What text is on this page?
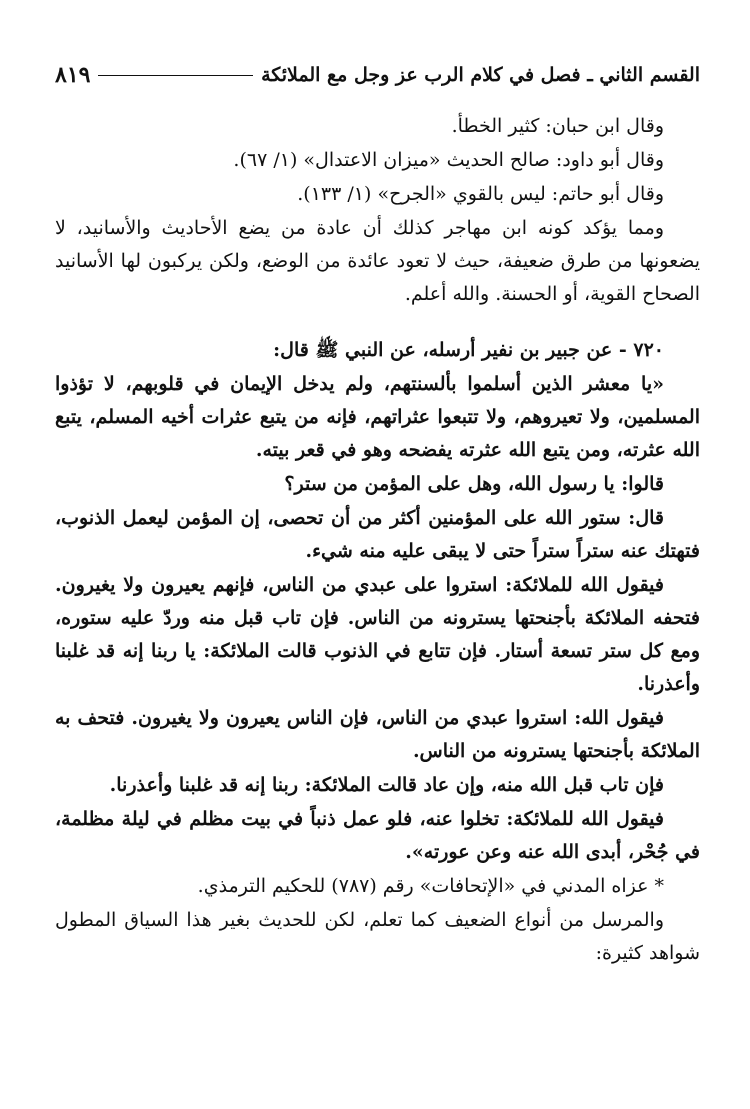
القسم الثاني ـ فصل في كلام الرب عز وجل مع الملائكة
٨١٩

وقال ابن حبان: كثير الخطأ.

وقال أبو داود: صالح الحديث «ميزان الاعتدال» (١/ ٦٧).

وقال أبو حاتم: ليس بالقوي «الجرح» (١/ ١٣٣).

ومما يؤكد كونه ابن مهاجر كذلك أن عادة من يضع الأحاديث والأسانيد، لا يضعونها من طرق ضعيفة، حيث لا تعود عائدة من الوضع، ولكن يركبون لها الأسانيد الصحاح القوية، أو الحسنة. والله أعلم.

٧٢٠ - عن جبير بن نفير أرسله، عن النبي ﷺ قال:

«يا معشر الذين أسلموا بألسنتهم، ولم يدخل الإيمان في قلوبهم، لا تؤذوا المسلمين، ولا تعيروهم، ولا تتبعوا عثراتهم، فإنه من يتبع عثرات أخيه المسلم، يتبع الله عثرته، ومن يتبع الله عثرته يفضحه وهو في قعر بيته.

قالوا: يا رسول الله، وهل على المؤمن من ستر؟

قال: ستور الله على المؤمنين أكثر من أن تحصى، إن المؤمن ليعمل الذنوب، فتهتك عنه ستراً ستراً حتى لا يبقى عليه منه شيء.

فيقول الله للملائكة: استروا على عبدي من الناس، فإنهم يعيرون ولا يغيرون. فتحفه الملائكة بأجنحتها يسترونه من الناس. فإن تاب قبل منه وردّ عليه ستوره، ومع كل ستر تسعة أستار. فإن تتابع في الذنوب قالت الملائكة: يا ربنا إنه قد غلبنا وأعذرنا.

فيقول الله: استروا عبدي من الناس، فإن الناس يعيرون ولا يغيرون. فتحف به الملائكة بأجنحتها يسترونه من الناس.

فإن تاب قبل الله منه، وإن عاد قالت الملائكة: ربنا إنه قد غلبنا وأعذرنا.

فيقول الله للملائكة: تخلوا عنه، فلو عمل ذنباً في بيت مظلم في ليلة مظلمة، في جُحْر، أبدى الله عنه وعن عورته».

* عزاه المدني في «الإتحافات» رقم (٧٨٧) للحكيم الترمذي.

والمرسل من أنواع الضعيف كما تعلم، لكن للحديث بغير هذا السياق المطول شواهد كثيرة:
